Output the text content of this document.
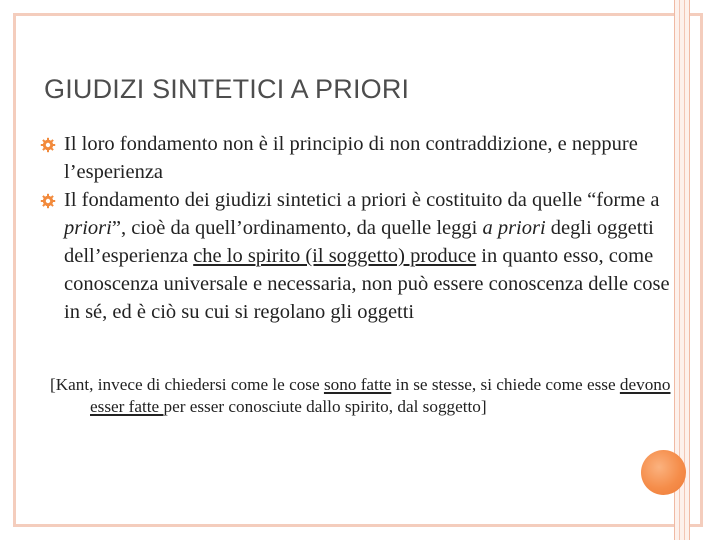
GIUDIZI SINTETICI A PRIORI
Il loro fondamento non è il principio di non contraddizione, e neppure l’esperienza
Il fondamento dei giudizi sintetici a priori è costituito da quelle “forme a priori”, cioè da quell’ordinamento, da quelle leggi a priori degli oggetti dell’esperienza che lo spirito (il soggetto) produce in quanto esso, come conoscenza universale e necessaria, non può essere conoscenza delle cose in sé, ed è ciò su cui si regolano gli oggetti
[Kant, invece di chiedersi come le cose sono fatte in se stesse, si chiede come esse devono esser fatte per esser conosciute dallo spirito, dal soggetto]
